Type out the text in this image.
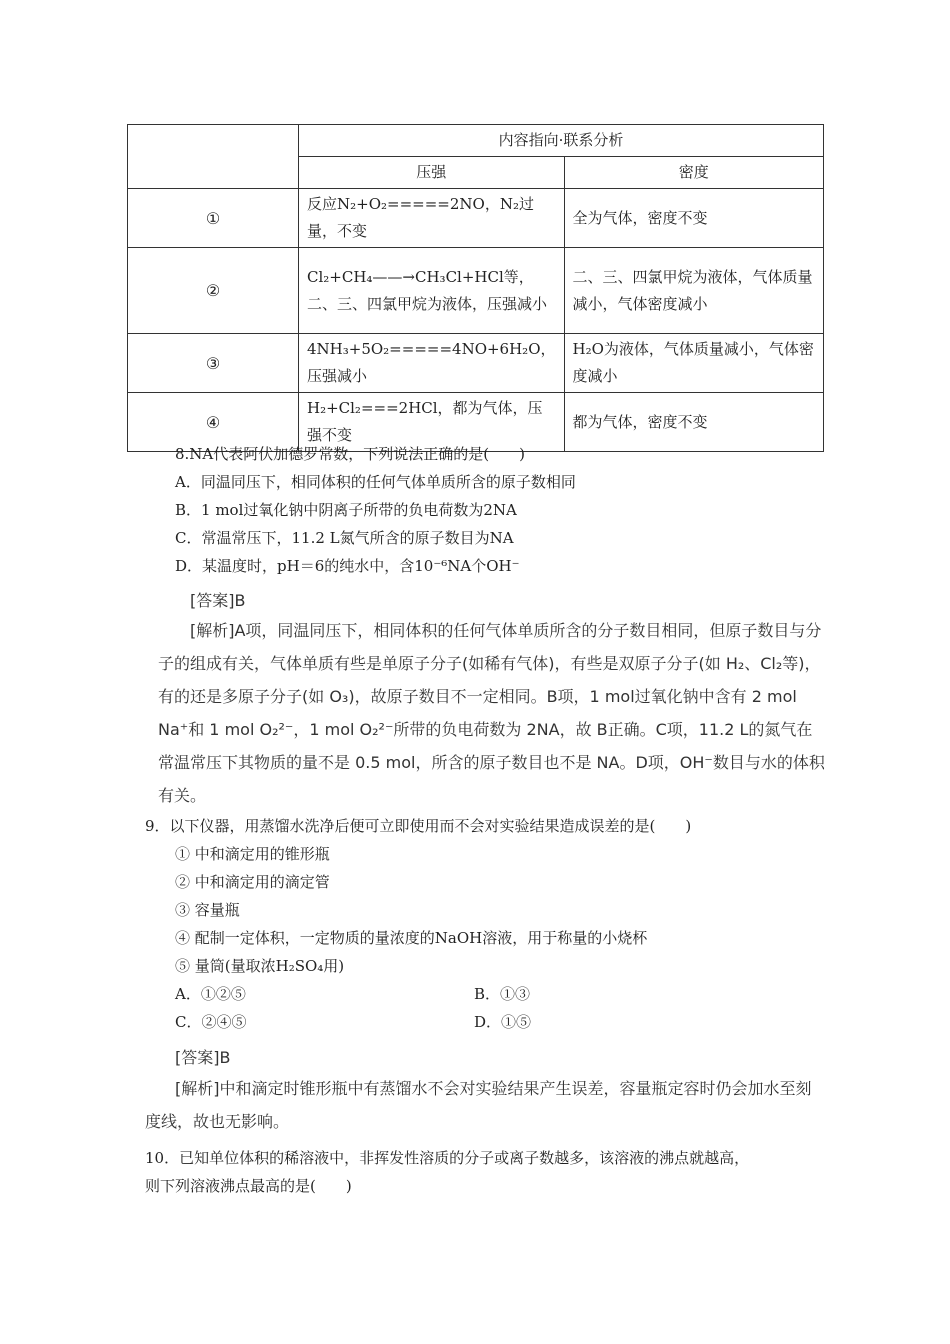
	内容指向·联系分析	
	压强	密度
①	反应N₂+O₂=====2NO，N₂过量，不变	全为气体，密度不变
②	Cl₂+CH₄——→CH₃Cl+HCl等，二、三、四氯甲烷为液体，压强减小	二、三、四氯甲烷为液体，气体质量减小，气体密度减小
③	4NH₃+5O₂=====4NO+6H₂O，压强减小	H₂O为液体，气体质量减小，气体密度减小
④	H₂+Cl₂===2HCl，都为气体，压强不变	都为气体，密度不变
8.NA代表阿伏加德罗常数，下列说法正确的是(　　)
A．同温同压下，相同体积的任何气体单质所含的原子数相同
B．1 mol过氧化钠中阴离子所带的负电荷数为2NA
C．常温常压下，11.2 L氮气所含的原子数目为NA
D．某温度时，pH＝6的纯水中，含10⁻⁶NA个OH⁻
[答案]B
[解析]A项，同温同压下，相同体积的任何气体单质所含的分子数目相同，但原子数目与分子的组成有关，气体单质有些是单原子分子(如稀有气体)，有些是双原子分子(如 H₂、Cl₂等)，有的还是多原子分子(如 O₃)，故原子数目不一定相同。B项，1 mol过氧化钠中含有 2 mol Na⁺和 1 mol O₂²⁻，1 mol O₂²⁻所带的负电荷数为 2NA，故 B正确。C项，11.2 L的氮气在常温常压下其物质的量不是 0.5 mol，所含的原子数目也不是 NA。D项，OH⁻数目与水的体积有关。
9．以下仪器，用蒸馏水洗净后便可立即使用而不会对实验结果造成误差的是(　　)
① 中和滴定用的锥形瓶
② 中和滴定用的滴定管
③ 容量瓶
④ 配制一定体积，一定物质的量浓度的NaOH溶液，用于称量的小烧杯
⑤ 量筒(量取浓H₂SO₄用)
A．①②⑤	B．①③
C．②④⑤	D．①⑤
[答案]B
[解析]中和滴定时锥形瓶中有蒸馏水不会对实验结果产生误差，容量瓶定容时仍会加水至刻度线，故也无影响。
10．已知单位体积的稀溶液中，非挥发性溶质的分子或离子数越多，该溶液的沸点就越高，
则下列溶液沸点最高的是(　　)
